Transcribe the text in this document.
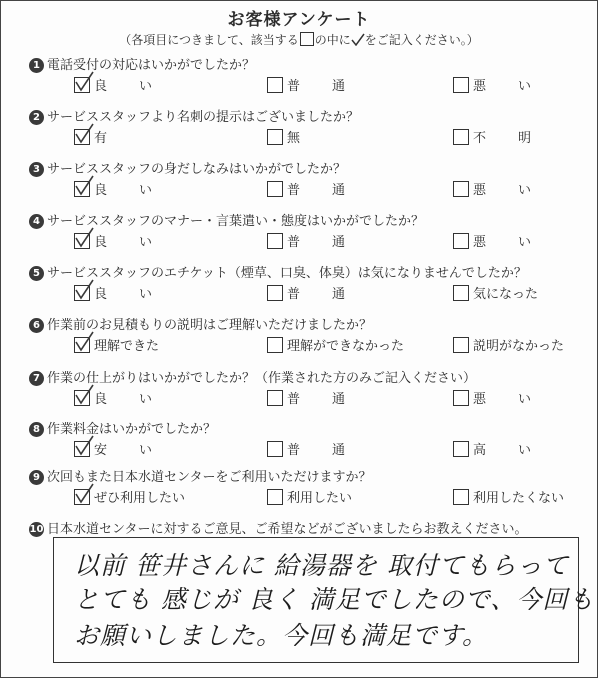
お客様アンケート
（各項目につきまして、該当する の中に をご記入ください。）
1 電話受付の対応はいかがでしたか？
良い	普通	悪い
2 サービススタッフより名刺の提示はございましたか？
有	無	不明
3 サービススタッフの身だしなみはいかがでしたか？
良い	普通	悪い
4 サービススタッフのマナー・言葉遣い・態度はいかがでしたか？
良い	普通	悪い
5 サービススタッフのエチケット（煙草、口臭、体臭）は気になりませんでしたか？
良い	普通	気になった
6 作業前のお見積もりの説明はご理解いただけましたか？
理解できた	理解ができなかった	説明がなかった
7 作業の仕上がりはいかがでしたか？（作業された方のみご記入ください）
良い	普通	悪い
8 作業料金はいかがでしたか？
安い	普通	高い
9 次回もまた日本水道センターをご利用いただけますか？
ぜひ利用したい	利用したい	利用したくない
10 日本水道センターに対するご意見、ご希望などがございましたらお教えください。
以前 笹井さんに 給湯器を 取付てもらって
とても 感じが 良く 満足でしたので、今回も
お願いしました。今回も満足です。
